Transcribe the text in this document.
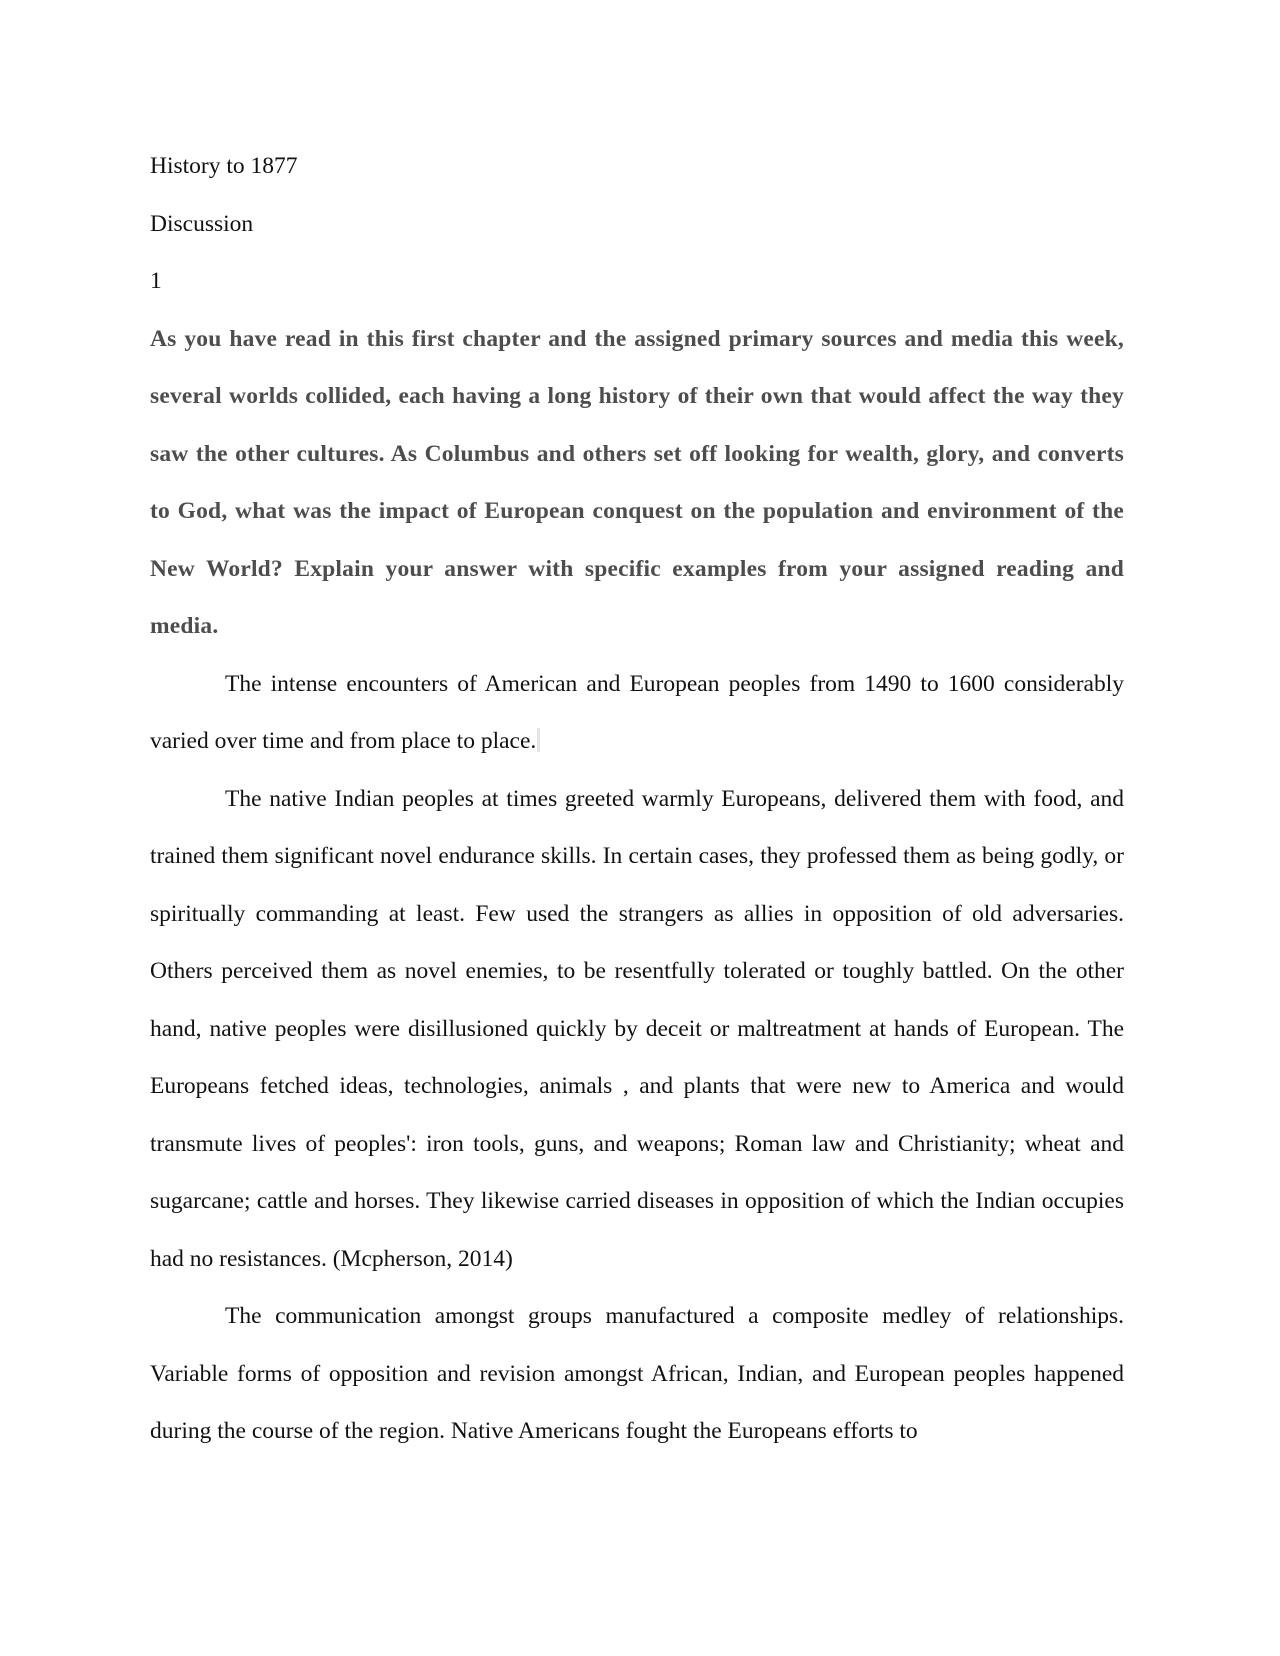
History to 1877

Discussion

1

As you have read in this first chapter and the assigned primary sources and media this week, several worlds collided, each having a long history of their own that would affect the way they saw the other cultures. As Columbus and others set off looking for wealth, glory, and converts to God, what was the impact of European conquest on the population and environment of the New World? Explain your answer with specific examples from your assigned reading and media.

The intense encounters of American and European peoples from 1490 to 1600 considerably varied over time and from place to place.

The native Indian peoples at times greeted warmly Europeans, delivered them with food, and trained them significant novel endurance skills. In certain cases, they professed them as being godly, or spiritually commanding at least. Few used the strangers as allies in opposition of old adversaries. Others perceived them as novel enemies, to be resentfully tolerated or toughly battled. On the other hand, native peoples were disillusioned quickly by deceit or maltreatment at hands of European. The Europeans fetched ideas, technologies, animals , and plants that were new to America and would transmute lives of peoples': iron tools, guns, and weapons; Roman law and Christianity; wheat and sugarcane; cattle and horses. They likewise carried diseases in opposition of which the Indian occupies had no resistances. (Mcpherson, 2014)

The communication amongst groups manufactured a composite medley of relationships. Variable forms of opposition and revision amongst African, Indian, and European peoples happened during the course of the region. Native Americans fought the Europeans efforts to
